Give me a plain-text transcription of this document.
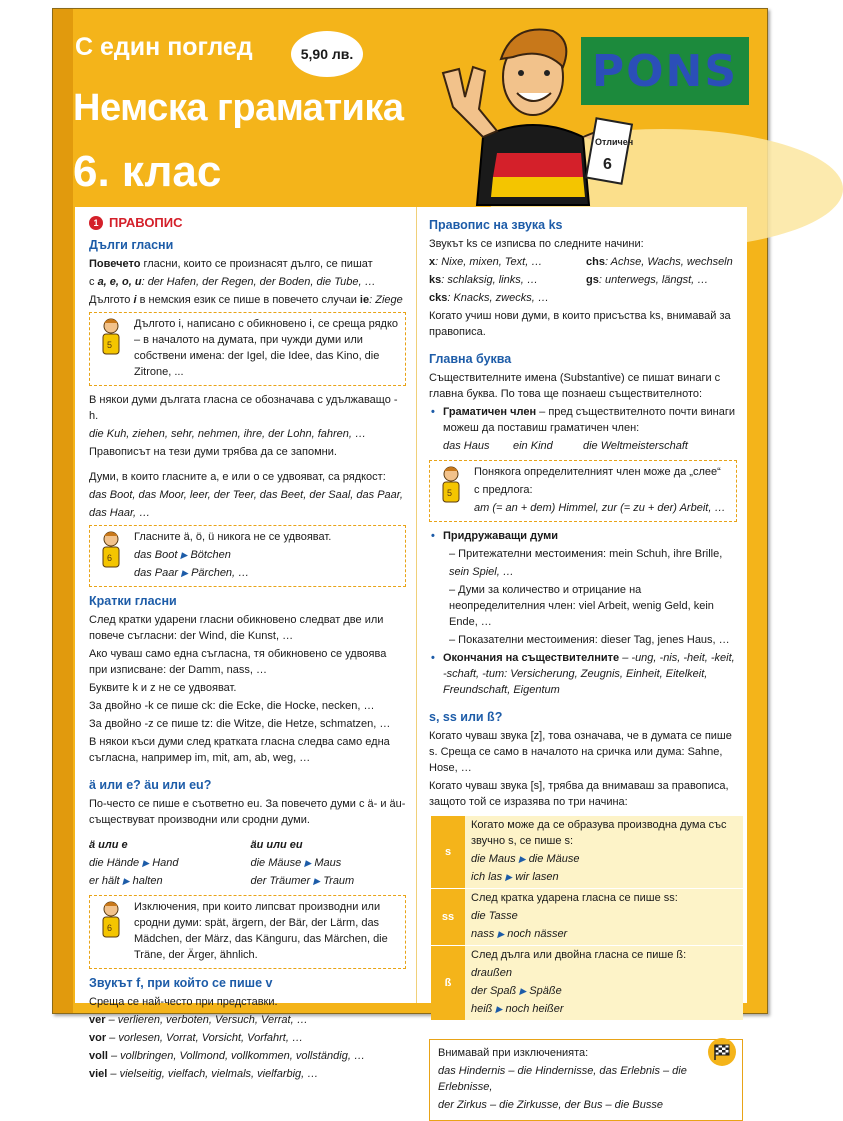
С един поглед	5,90 лв.
Немска граматика
6. клас
PONS
Отличен
6
1 ПРАВОПИС
Дълги гласни

Повечето гласни, които се произнасят дълго, се пишат

с a, e, o, u: der Hafen, der Regen, der Boden, die Tube, …

Дългото i в немския език се пише в повечето случаи ie: Ziege

5

Дългото i, написано с обикновено i, се среща рядко – в началото на думата, при чужди думи или собствени имена: der Igel, die Idee, das Kino, die Zitrone, ...

В някои думи дългата гласна се обозначава с удължаващо -h.

die Kuh, ziehen, sehr, nehmen, ihre, der Lohn, fahren, …

Правописът на тези думи трябва да се запомни.

Думи, в които гласните a, e или o се удвояват, са рядкост:

das Boot, das Moor, leer, der Teer, das Beet, der Saal, das Paar,

das Haar, …

6

Гласните ä, ö, ü никога не се удвояват.

das Boot ▶ Bötchen

das Paar ▶ Pärchen, …

Кратки гласни

След кратки ударени гласни обикновено следват две или повече съгласни: der Wind, die Kunst, …

Ако чуваш само една съгласна, тя обикновено се удвоява при изписване: der Damm, nass, …

Буквите k и z не се удвояват.

За двойно -k се пише ck: die Ecke, die Hocke, necken, …

За двойно -z се пише tz: die Witze, die Hetze, schmatzen, …

В някои къси думи след кратката гласна следва само една съгласна, например im, mit, am, ab, weg, …

ä или e? äu или eu?

По-често се пише e съответно eu. За повечето думи с ä- и äu- съществуват производни или сродни думи.

ä или e	äu или eu

die Hände ▶ Hand	die Mäuse ▶ Maus

er hält ▶ halten	der Träumer ▶ Traum

6

Изключения, при които липсват производни или сродни думи: spät, ärgern, der Bär, der Lärm, das Mädchen, der März, das Känguru, das Märchen, die Träne, der Ärger, ähnlich.

Звукът f, при който се пише v

Среща се най-често при представки.

ver – verlieren, verboten, Versuch, Verrat, …

vor – vorlesen, Vorrat, Vorsicht, Vorfahrt, …

voll – vollbringen, Vollmond, vollkommen, vollständig, …

viel – vielseitig, vielfach, vielmals, vielfarbig, …

Правопис на звука ks

Звукът ks се изписва по следните начини:

x: Nixe, mixen, Text, …	chs: Achse, Wachs, wechseln

ks: schlaksig, links, …	gs: unterwegs, längst, …

cks: Knacks, zwecks, …

Когато учиш нови думи, в които присъства ks, внимавай за правописа.

Главна буква

Съществителните имена (Substantive) се пишат винаги с главна буква. По това ще познаеш съществителното:

• Граматичен член – пред съществителното почти винаги можеш да поставиш граматичен член:

das Haus	ein Kind	die Weltmeisterschaft

5

Понякога определителният член може да „слее“

с предлога:

am (= an + dem) Himmel, zur (= zu + der) Arbeit, …

• Придружаващи думи

– Притежателни местоимения: mein Schuh, ihre Brille,

sein Spiel, …

– Думи за количество и отрицание на неопределителния член: viel Arbeit, wenig Geld, kein Ende, …

– Показателни местоимения: dieser Tag, jenes Haus, …

• Окончания на съществителните – -ung, -nis, -heit, -keit, -schaft, -tum: Versicherung, Zeugnis, Einheit, Eitelkeit, Freundschaft, Eigentum

s, ss или ß?

Когато чуваш звука [z], това означава, че в думата се пише s. Среща се само в началото на сричка или дума: Sahne, Hose, …

Когато чуваш звука [s], трябва да внимаваш за правописа, защото той се изразява по три начина:

s	Когато може да се образува производна дума със звучно s, се пише s:

die Maus ▶ die Mäuse

ich las ▶ wir lasen

ss	След кратка ударена гласна се пише ss:

die Tasse

nass ▶ noch nässer

ß	След дълга или двойна гласна се пише ß:

draußen

der Spaß ▶ Späße

heiß ▶ noch heißer

Внимавай при изключенията:

das Hindernis – die Hindernisse, das Erlebnis – die Erlebnisse,

der Zirkus – die Zirkusse, der Bus – die Busse
